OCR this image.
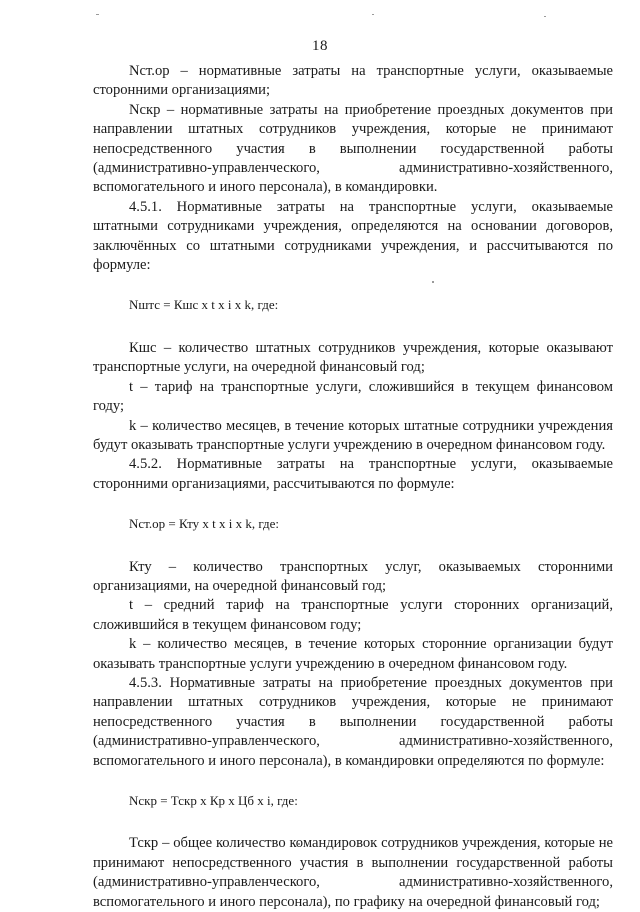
18

Nст.ор – нормативные затраты на транспортные услуги, оказываемые сторонними организациями;

Nскр – нормативные затраты на приобретение проездных документов при направлении штатных сотрудников учреждения, которые не принимают непосредственного участия в выполнении государственной работы (административно-управленческого, административно-хозяйственного, вспомогательного и иного персонала), в командировки.

4.5.1. Нормативные затраты на транспортные услуги, оказываемые штатными сотрудниками учреждения, определяются на основании договоров, заключённых со штатными сотрудниками учреждения, и рассчитываются по формуле:

Nштс = Кшс x t x i x k, где:

Кшс – количество штатных сотрудников учреждения, которые оказывают транспортные услуги, на очередной финансовый год;

t – тариф на транспортные услуги, сложившийся в текущем финансовом году;

k – количество месяцев, в течение которых штатные сотрудники учреждения будут оказывать транспортные услуги учреждению в очередном финансовом году.

4.5.2. Нормативные затраты на транспортные услуги, оказываемые сторонними организациями, рассчитываются по формуле:

Nст.ор = Кту x t x i x k, где:

Кту – количество транспортных услуг, оказываемых сторонними организациями, на очередной финансовый год;

t – средний тариф на транспортные услуги сторонних организаций, сложившийся в текущем финансовом году;

k – количество месяцев, в течение которых сторонние организации будут оказывать транспортные услуги учреждению в очередном финансовом году.

4.5.3. Нормативные затраты на приобретение проездных документов при направлении штатных сотрудников учреждения, которые не принимают непосредственного участия в выполнении государственной работы (административно-управленческого, административно-хозяйственного, вспомогательного и иного персонала), в командировки определяются по формуле:

Nскр = Тскр x Кр x Цб x i, где:

Тскр – общее количество командировок сотрудников учреждения, которые не принимают непосредственного участия в выполнении государственной работы (административно-управленческого, административно-хозяйственного, вспомогательного и иного персонала), по графику на очередной финансовый год;
